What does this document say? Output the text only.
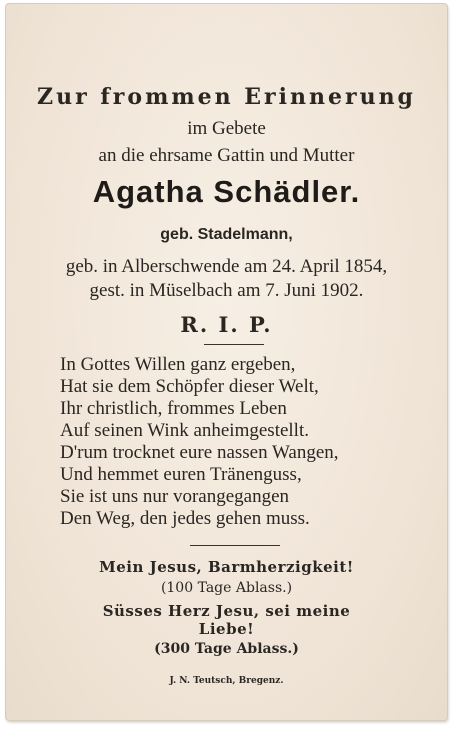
Zur frommen Erinnerung
im Gebete
an die ehrsame Gattin und Mutter
Agatha Schädler.
geb. Stadelmann,
geb. in Alberschwende am 24. April 1854,
gest. in Müselbach am 7. Juni 1902.
R. I. P.
In Gottes Willen ganz ergeben,
Hat sie dem Schöpfer dieser Welt,
Ihr christlich, frommes Leben
Auf seinen Wink anheimgestellt.
D'rum trocknet eure nassen Wangen,
Und hemmet euren Tränenguss,
Sie ist uns nur vorangegangen
Den Weg, den jedes gehen muss.
Mein Jesus, Barmherzigkeit!
(100 Tage Ablass.)
Süsses Herz Jesu, sei meine
Liebe!
(300 Tage Ablass.)
J. N. Teutsch, Bregenz.
